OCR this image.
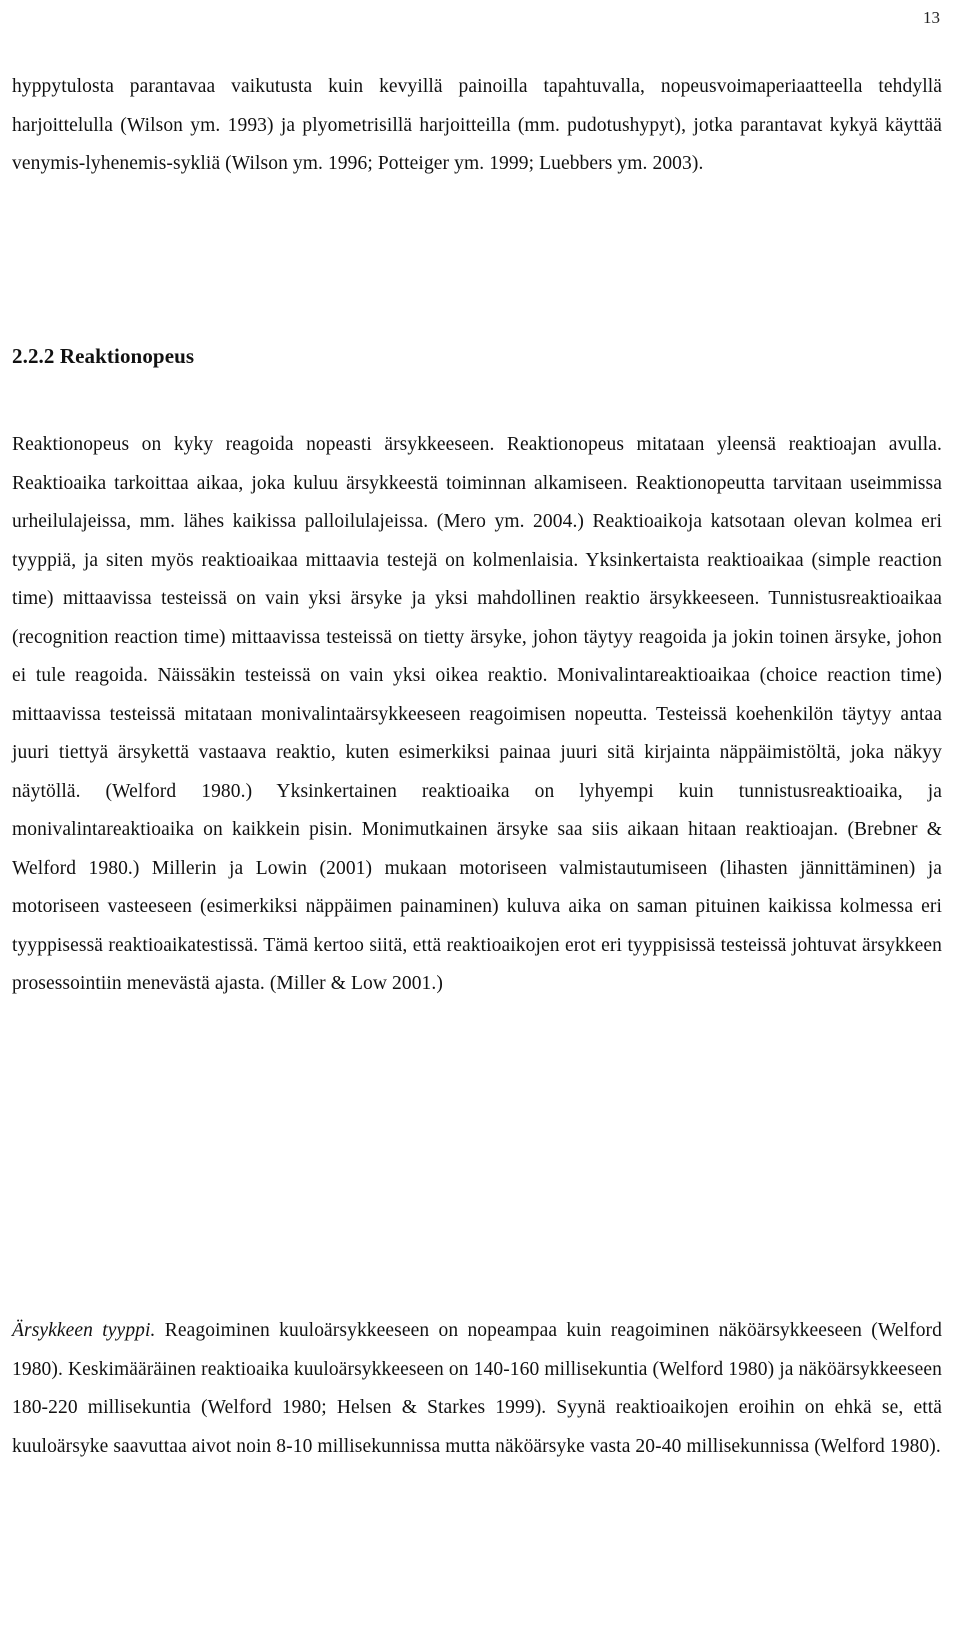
13

hyppytulosta parantavaa vaikutusta kuin kevyillä painoilla tapahtuvalla, nopeusvoimaperiaatteella tehdyllä harjoittelulla (Wilson ym. 1993) ja plyometrisillä harjoitteilla (mm. pudotushypyt), jotka parantavat kykyä käyttää venymis-lyhenemis-sykliä (Wilson ym. 1996; Potteiger ym. 1999; Luebbers ym. 2003).

2.2.2 Reaktionopeus

Reaktionopeus on kyky reagoida nopeasti ärsykkeeseen. Reaktionopeus mitataan yleensä reaktioajan avulla. Reaktioaika tarkoittaa aikaa, joka kuluu ärsykkeestä toiminnan alkamiseen. Reaktionopeutta tarvitaan useimmissa urheilulajeissa, mm. lähes kaikissa palloilulajeissa. (Mero ym. 2004.) Reaktioaikoja katsotaan olevan kolmea eri tyyppiä, ja siten myös reaktioaikaa mittaavia testejä on kolmenlaisia. Yksinkertaista reaktioaikaa (simple reaction time) mittaavissa testeissä on vain yksi ärsyke ja yksi mahdollinen reaktio ärsykkeeseen. Tunnistusreaktioaikaa (recognition reaction time) mittaavissa testeissä on tietty ärsyke, johon täytyy reagoida ja jokin toinen ärsyke, johon ei tule reagoida. Näissäkin testeissä on vain yksi oikea reaktio. Monivalintareaktioaikaa (choice reaction time) mittaavissa testeissä mitataan monivalintaärsykkeeseen reagoimisen nopeutta. Testeissä koehenkilön täytyy antaa juuri tiettyä ärsykettä vastaava reaktio, kuten esimerkiksi painaa juuri sitä kirjainta näppäimistöltä, joka näkyy näytöllä. (Welford 1980.) Yksinkertainen reaktioaika on lyhyempi kuin tunnistusreaktioaika, ja monivalintareaktioaika on kaikkein pisin. Monimutkainen ärsyke saa siis aikaan hitaan reaktioajan. (Brebner & Welford 1980.) Millerin ja Lowin (2001) mukaan motoriseen valmistautumiseen (lihasten jännittäminen) ja motoriseen vasteeseen (esimerkiksi näppäimen painaminen) kuluva aika on saman pituinen kaikissa kolmessa eri tyyppisessä reaktioaikatestissä. Tämä kertoo siitä, että reaktioaikojen erot eri tyyppisissä testeissä johtuvat ärsykkeen prosessointiin menevästä ajasta. (Miller & Low 2001.)

Ärsykkeen tyyppi. Reagoiminen kuuloärsykkeeseen on nopeampaa kuin reagoiminen näköärsykkeeseen (Welford 1980). Keskimääräinen reaktioaika kuuloärsykkeeseen on 140-160 millisekuntia (Welford 1980) ja näköärsykkeeseen 180-220 millisekuntia (Welford 1980; Helsen & Starkes 1999). Syynä reaktioaikojen eroihin on ehkä se, että kuuloärsyke saavuttaa aivot noin 8-10 millisekunnissa mutta näköärsyke vasta 20-40 millisekunnissa (Welford 1980).
